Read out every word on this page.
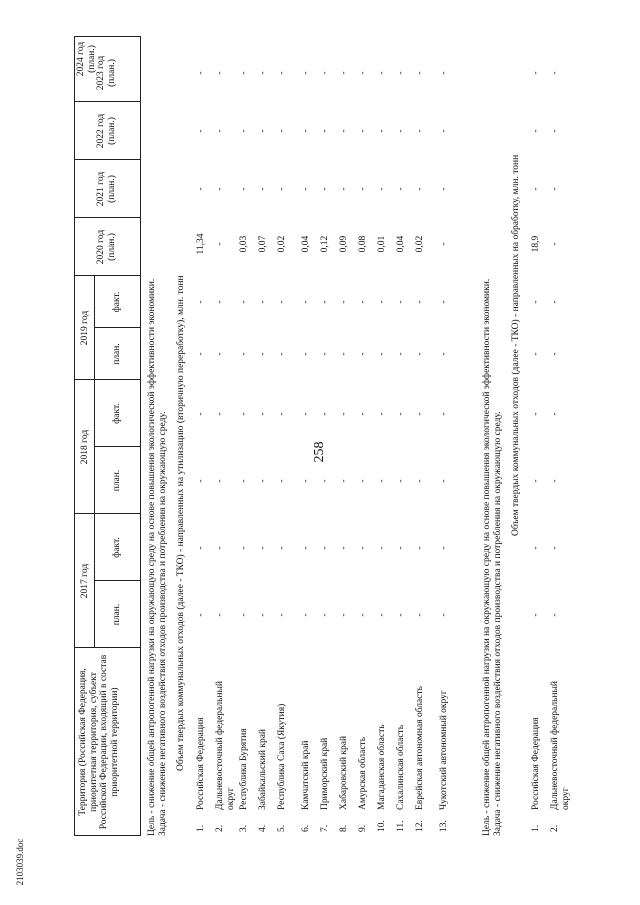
258
2103039.doc
Территория (Российская Федерация, приоритетная территория, субъект Российской Федерации, входящий в состав приоритетной территории)
2017 год
2018 год
2019 год
план.
факт.
план.
факт.
план.
факт.
2020 год (план.)
2021 год (план.)
2022 год (план.)
2023 год (план.)
2024 год (план.)
Цель - снижение общей антропогенной нагрузки на окружающую среду на основе повышения экологической эффективности экономики. Задача - снижение негативного воздействия отходов производства и потребления на окружающую среду. Объем твердых коммунальных отходов (далее - ТКО) - направленных на утилизацию (вторичную переработку), млн. тонн	Цель - снижение общей антропогенной нагрузки на окружающую среду на основе повышения экологической эффективности экономики. Задача - снижение негативного воздействия отходов производства и потребления на окружающую среду.
Объем твердых коммунальных отходов (далее - ТКО) - направленных на обработку, млн. тонн
1.
Российская Федерация
-
-
-
-
-
-
11,34
-
-
-
2.
Дальневосточный федеральный округ
-
-
-
-
-
-
-
-
-
-
3.
Республика Бурятия
-
-
-
-
-
-
0,03
-
-
-
4.
Забайкальский край
-
-
-
-
-
-
0,07
-
-
-
5.
Республика Саха (Якутия)
-
-
-
-
-
-
0,02
-
-
-
6.
Камчатский край
-
-
-
-
-
-
0,04
-
-
-
7.
Приморский край
-
-
-
-
-
-
0,12
-
-
-
8.
Хабаровский край
-
-
-
-
-
-
0,09
-
-
-
9.
Амурская область
-
-
-
-
-
-
0,08
-
-
-
10.
Магаданская область
-
-
-
-
-
-
0,01
-
-
-
11.
Сахалинская область
-
-
-
-
-
-
0,04
-
-
-
12.
Еврейская автономная область
-
-
-
-
-
-
0,02
-
-
-
13.
Чукотский автономный округ
-
-
-
-
-
-
-
-
-
-
1.
Российская Федерация
-
-
-
-
-
-
18,9
-
-
-
2.
Дальневосточный федеральный округ
-
-
-
-
-
-
-
-
-
-
